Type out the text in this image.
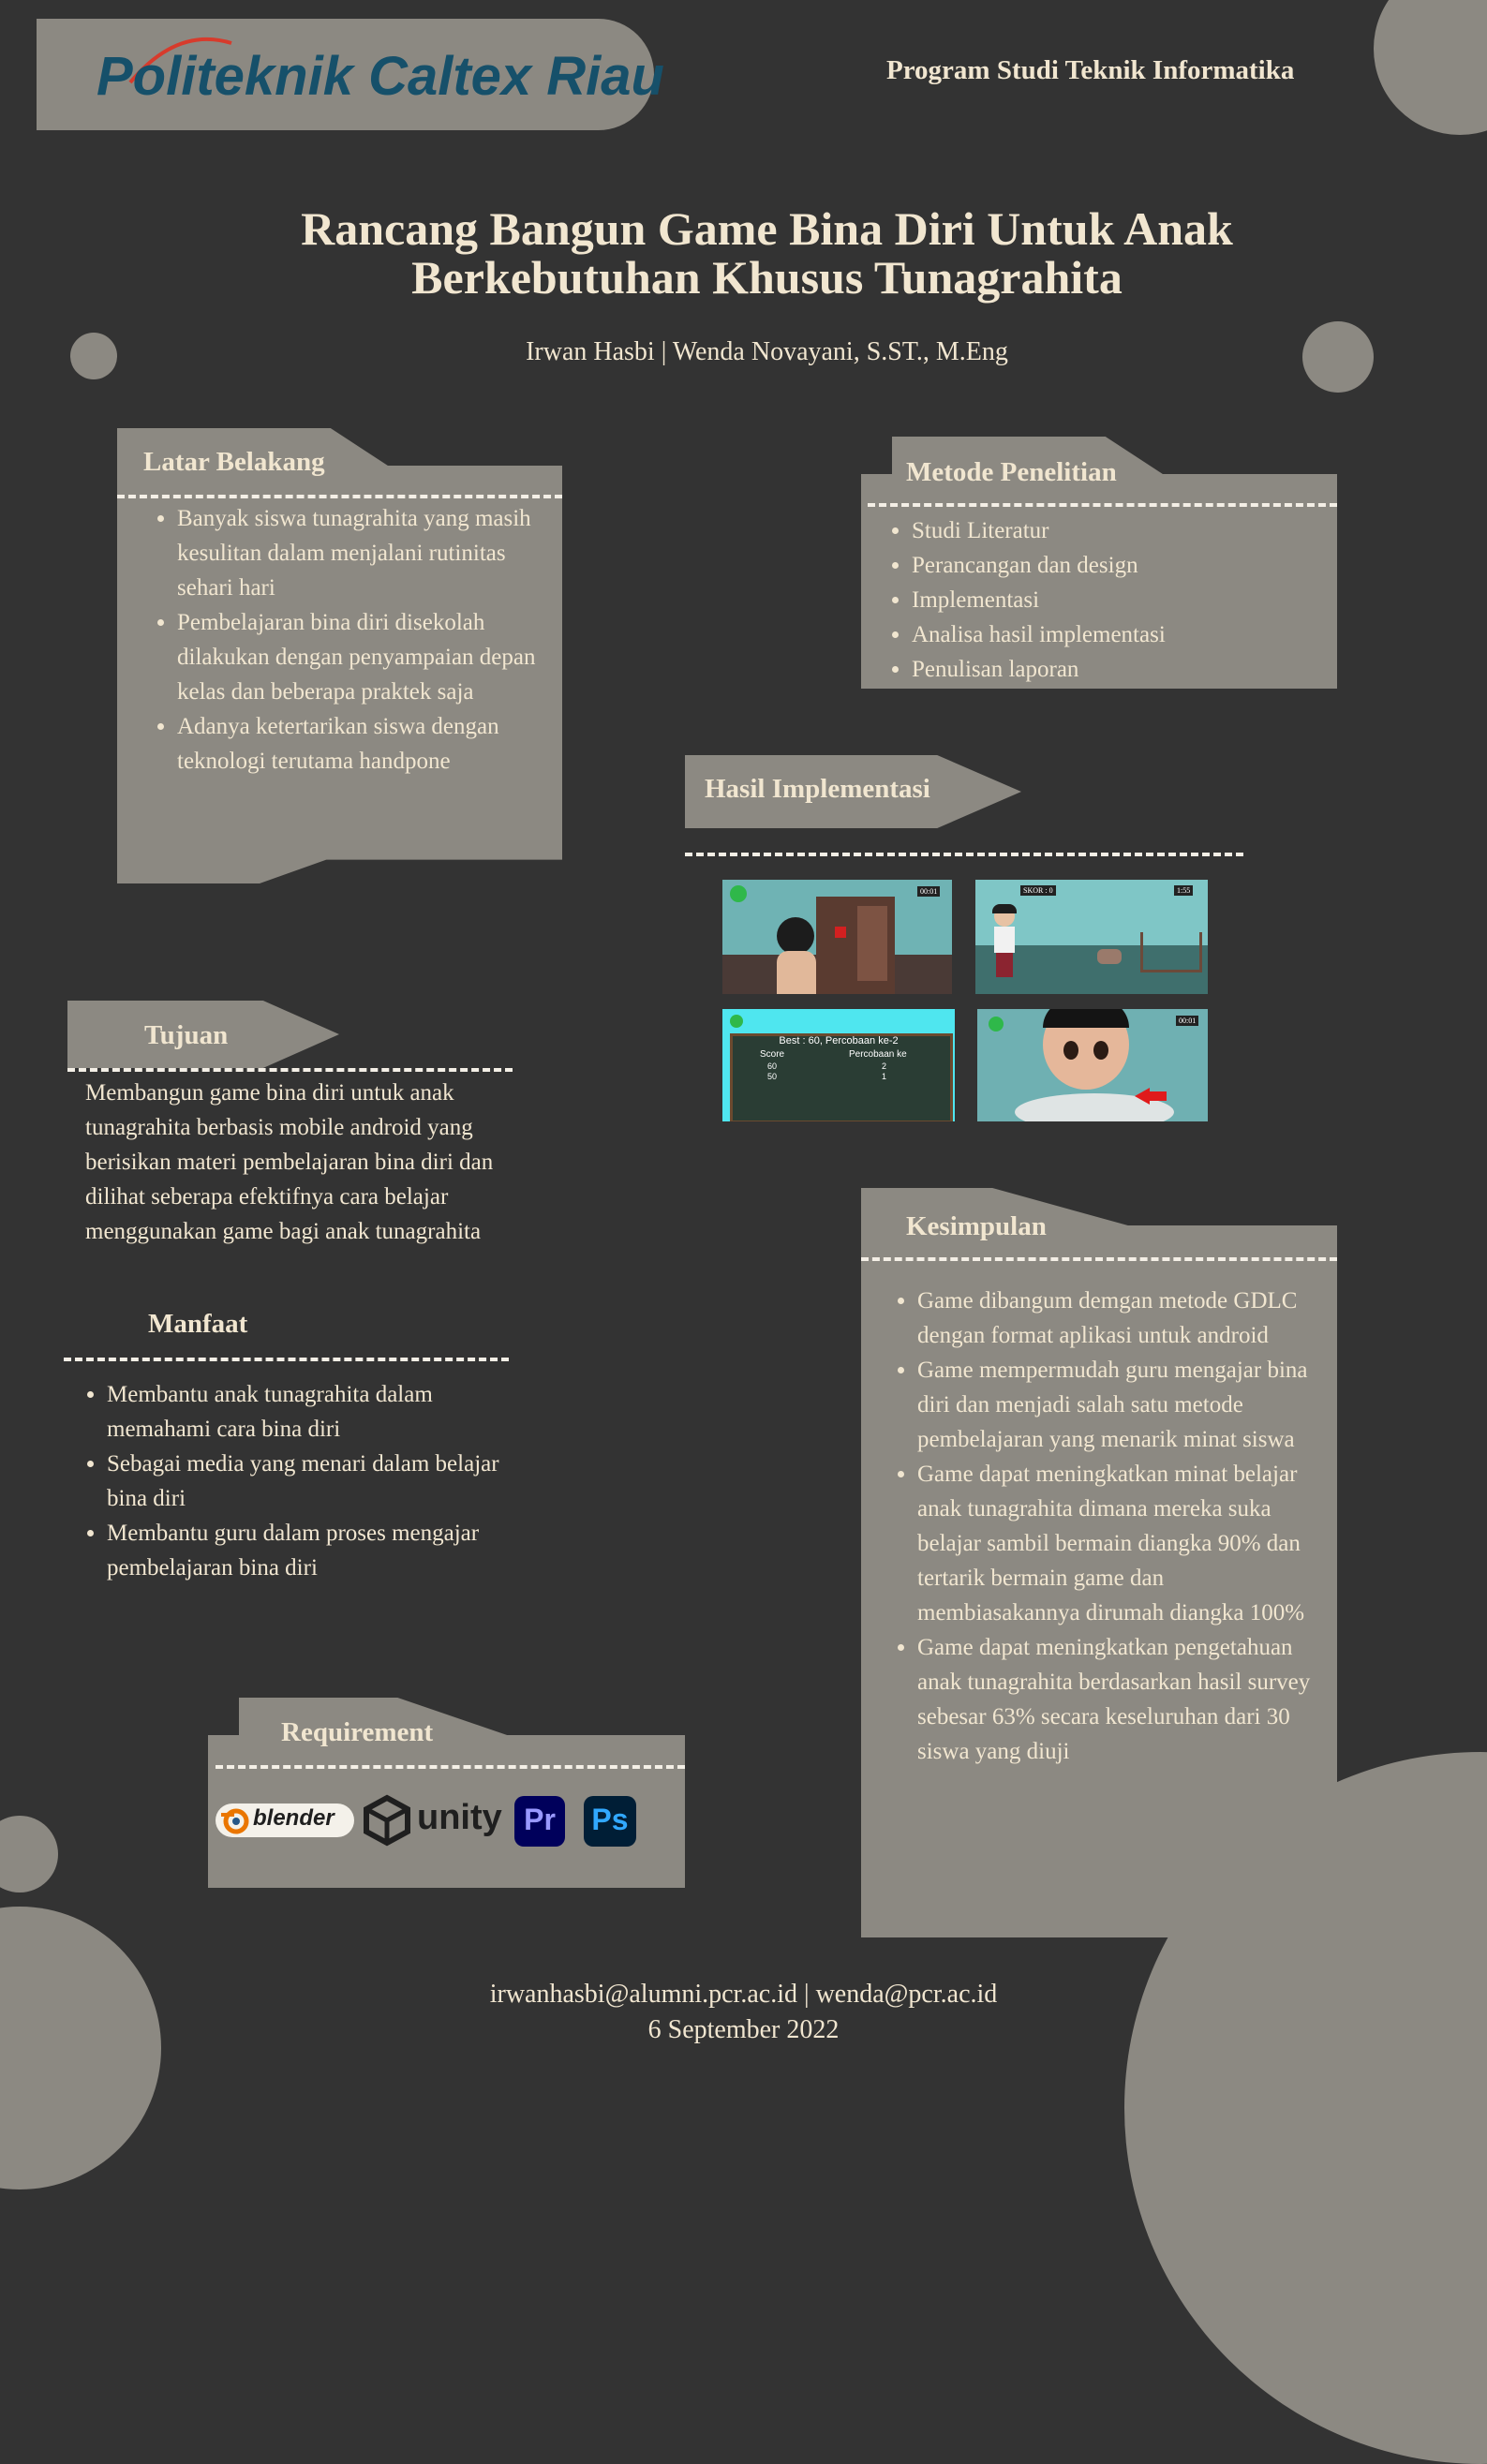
Politeknik Caltex Riau	Program Studi Teknik Informatika
Rancang Bangun Game Bina Diri Untuk Anak
Berkebutuhan Khusus Tunagrahita
Irwan Hasbi | Wenda Novayani, S.ST., M.Eng
Latar Belakang
• Banyak siswa tunagrahita yang masih kesulitan dalam menjalani rutinitas sehari hari
• Pembelajaran bina diri disekolah dilakukan dengan penyampaian depan kelas dan beberapa praktek saja
• Adanya ketertarikan siswa dengan teknologi terutama handpone
Metode Penelitian
• Studi Literatur
• Perancangan dan design
• Implementasi
• Analisa hasil implementasi
• Penulisan laporan
Hasil Implementasi
00:01	SKOR : 0	1:55
Best : 60, Percobaan ke-2
Score	Percobaan ke
60	2
50	1
00:01
Tujuan

Membangun game bina diri untuk anak tunagrahita berbasis mobile android yang berisikan materi pembelajaran bina diri dan dilihat seberapa efektifnya cara belajar menggunakan game bagi anak tunagrahita

Manfaat
• Membantu anak tunagrahita dalam memahami cara bina diri
• Sebagai media yang menari dalam belajar bina diri
• Membantu guru dalam proses mengajar pembelajaran bina diri
Kesimpulan
• Game dibangum demgan metode GDLC dengan format aplikasi untuk android
• Game mempermudah guru mengajar bina diri dan menjadi salah satu metode pembelajaran yang menarik minat siswa
• Game dapat meningkatkan minat belajar anak tunagrahita dimana mereka suka belajar sambil bermain diangka 90% dan tertarik bermain game dan membiasakannya dirumah diangka 100%
• Game dapat meningkatkan pengetahuan anak tunagrahita berdasarkan hasil survey sebesar 63% secara keseluruhan dari 30 siswa yang diuji
Requirement
blender unity Pr	Ps
irwanhasbi@alumni.pcr.ac.id | wenda@pcr.ac.id
6 September 2022
